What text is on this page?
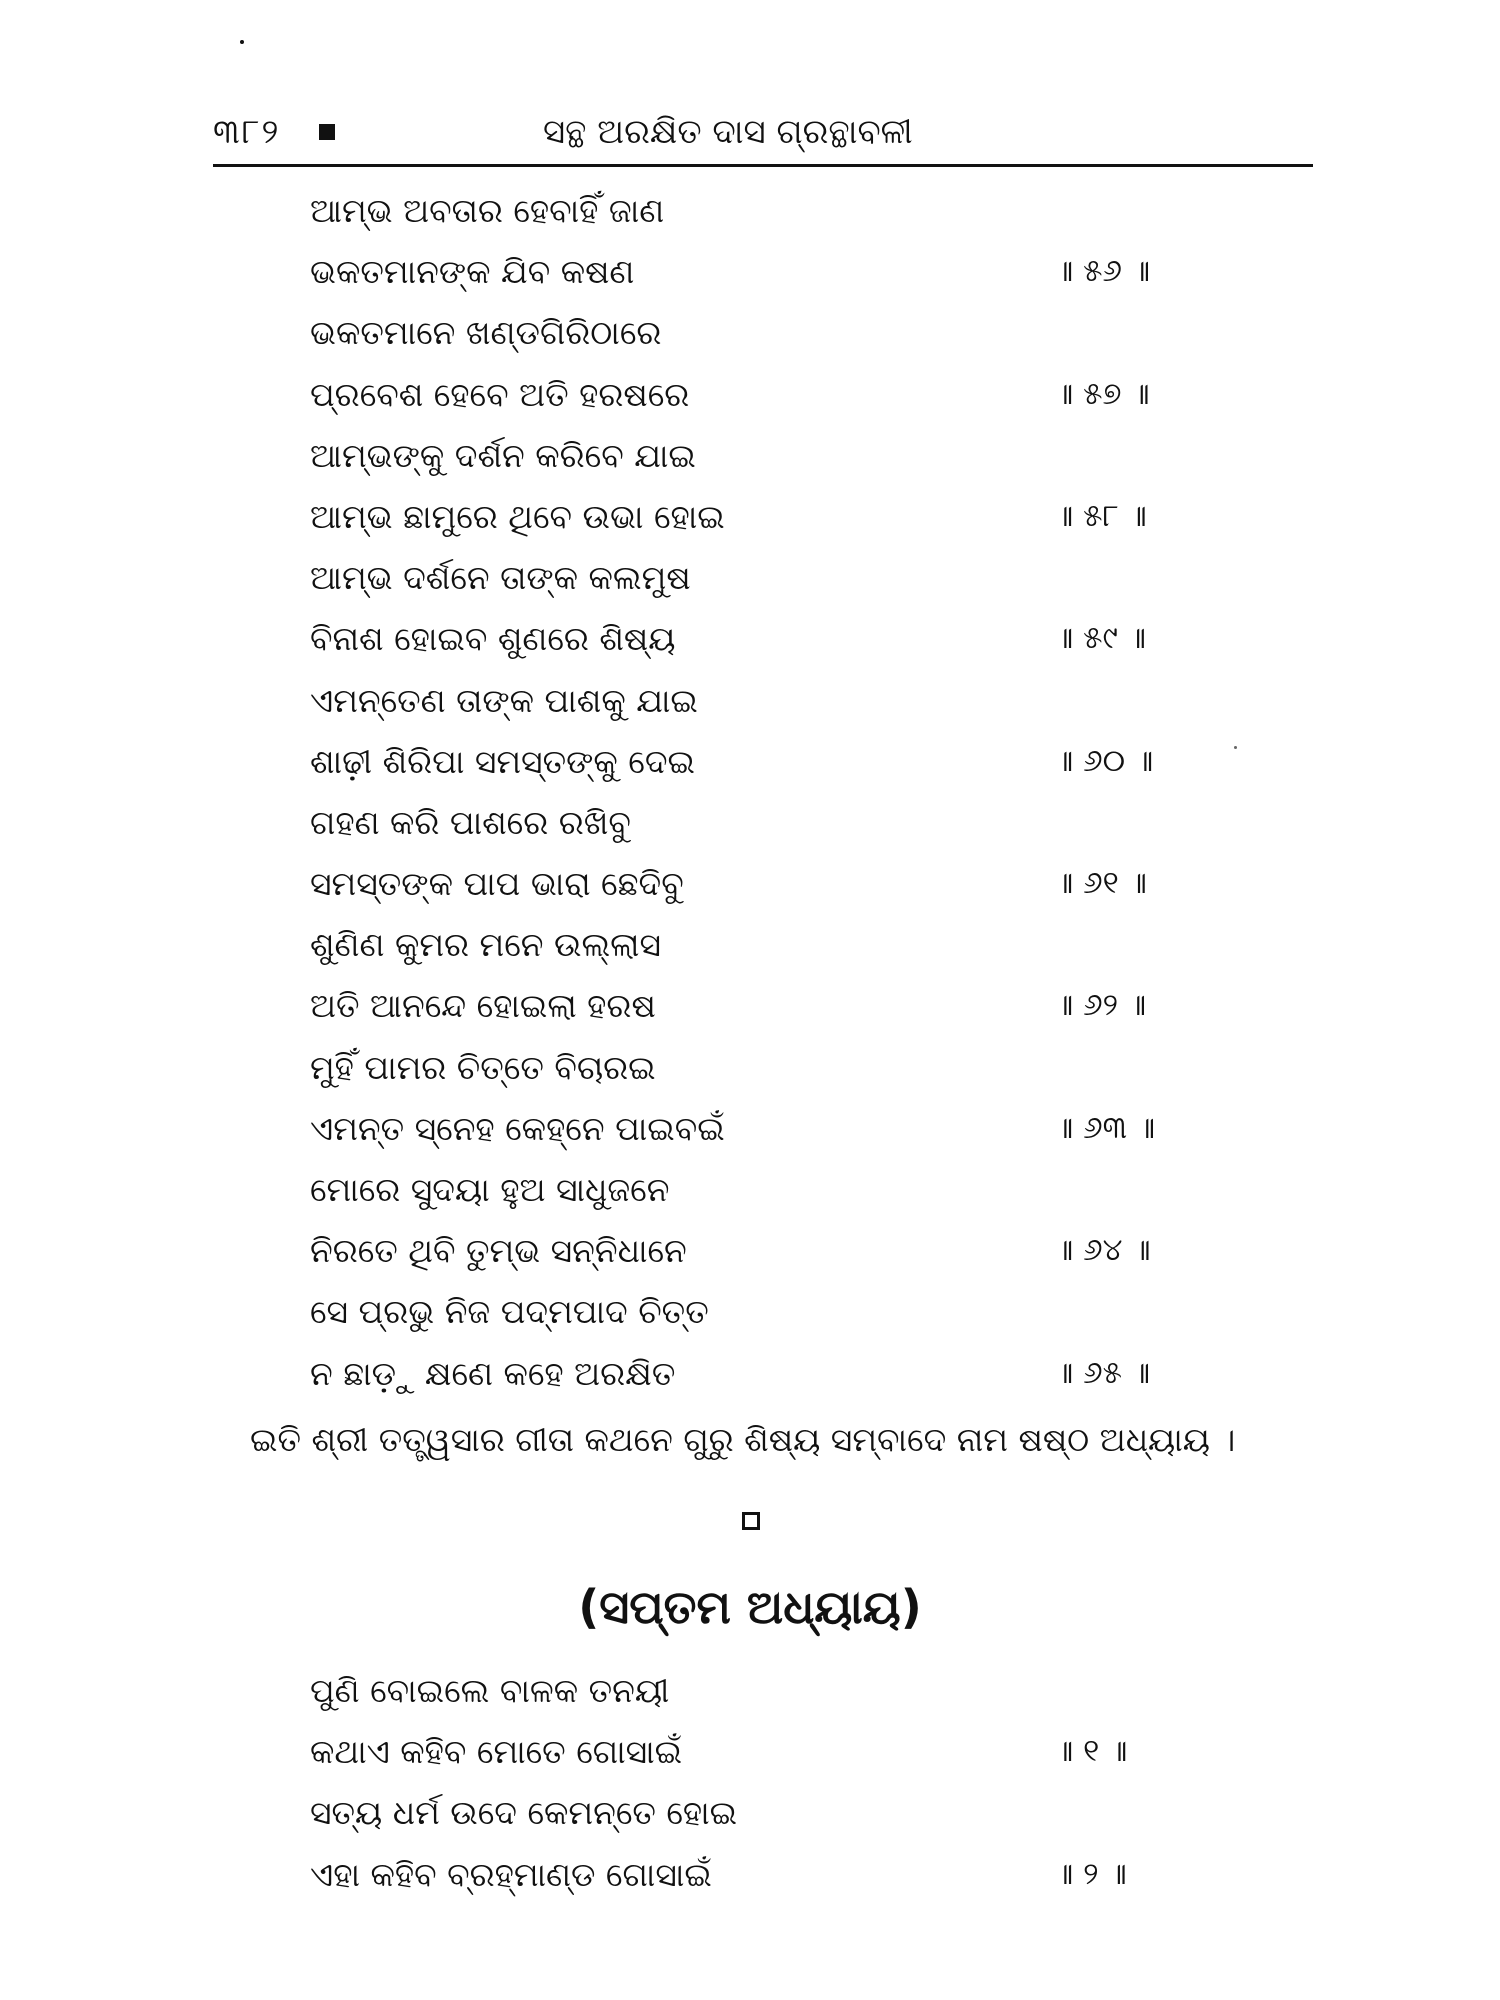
୩୮୨	ସନ୍ଥ ଅରକ୍ଷିତ ଦାସ ଗ୍ରନ୍ଥାବଳୀ
ଆମ୍ଭ ଅବତାର ହେବାହିଁ ଜାଣ
ଭକତମାନଙ୍କ ଯିବ କଷଣ	॥ ୫୬ ॥
ଭକତମାନେ ଖଣ୍ଡଗିରିଠାରେ
ପ୍ରବେଶ ହେବେ ଅତି ହରଷରେ	॥ ୫୭ ॥
ଆମ୍ଭଙ୍କୁ ଦର୍ଶନ କରିବେ ଯାଇ
ଆମ୍ଭ ଛାମୁରେ ଥିବେ ଉଭା ହୋଇ	॥ ୫୮ ॥
ଆମ୍ଭ ଦର୍ଶନେ ତାଙ୍କ କଲମୁଷ
ବିନାଶ ହୋଇବ ଶୁଣରେ ଶିଷ୍ୟ	॥ ୫୯ ॥
ଏମନ୍ତେଣ ତାଙ୍କ ପାଶକୁ ଯାଇ
ଶାଢ଼ୀ ଶିରିପା ସମସ୍ତଙ୍କୁ ଦେଇ	॥ ୬୦ ॥
ଗହଣ କରି ପାଶରେ ରଖିବୁ
ସମସ୍ତଙ୍କ ପାପ ଭାରା ଛେଦିବୁ	॥ ୬୧ ॥
ଶୁଣିଣ କୁମର ମନେ ଉଲ୍ଲାସ
ଅତି ଆନନ୍ଦେ ହୋଇଲା ହରଷ	॥ ୬୨ ॥
ମୁହିଁ ପାମର ଚିତ୍ତେ ବିଚାରଇ
ଏମନ୍ତ ସ୍ନେହ କେହ୍ନେ ପାଇବଇଁ	॥ ୬୩ ॥
ମୋରେ ସୁଦୟା ହୁଅ ସାଧୁଜନେ
ନିରତେ ଥିବି ତୁମ୍ଭ ସନ୍ନିଧାନେ	॥ ୬୪ ॥
ସେ ପ୍ରଭୁ ନିଜ ପଦ୍ମପାଦ ଚିତ୍ତ
ନ ଛାଡ଼ୁ କ୍ଷଣେ କହେ ଅରକ୍ଷିତ	॥ ୬୫ ॥
ଇତି ଶ୍ରୀ ତତ୍ତ୍ୱସାର ଗୀତା କଥନେ ଗୁରୁ ଶିଷ୍ୟ ସମ୍ବାଦେ ନାମ ଷଷ୍ଠ ଅଧ୍ୟାୟ ।
(ସପ୍ତମ ଅଧ୍ୟାୟ)
ପୁଣି ବୋଇଲେ ବାଳକ ତନୟୀ
କଥାଏ କହିବ ମୋତେ ଗୋସାଇଁ	॥ ୧ ॥
ସତ୍ୟ ଧର୍ମ ଉଦେ କେମନ୍ତେ ହୋଇ
ଏହା କହିବ ବ୍ରହ୍ମାଣ୍ଡ ଗୋସାଇଁ	॥ ୨ ॥
